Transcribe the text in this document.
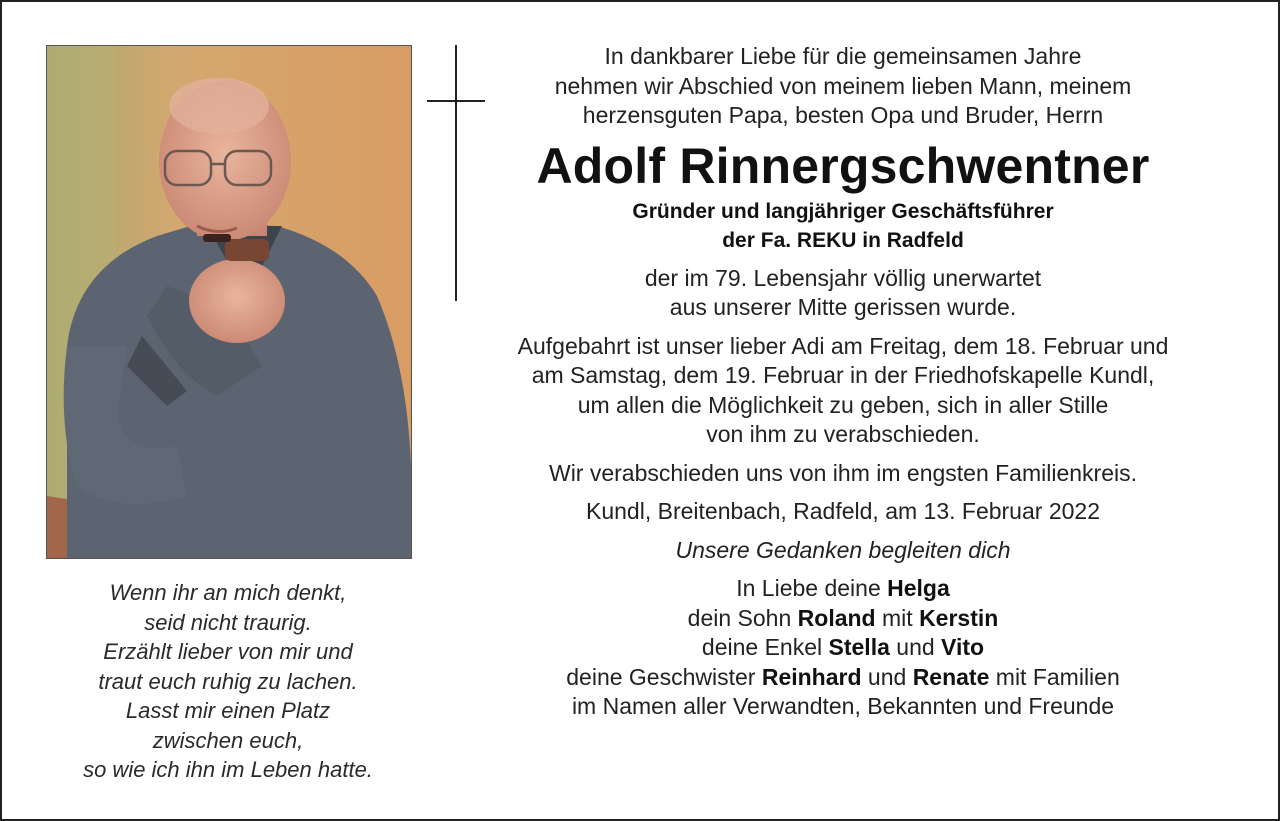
In dankbarer Liebe für die gemeinsamen Jahre
nehmen wir Abschied von meinem lieben Mann, meinem
herzensguten Papa, besten Opa und Bruder, Herrn
Adolf Rinnergschwentner
Gründer und langjähriger Geschäftsführer
der Fa. REKU in Radfeld
der im 79. Lebensjahr völlig unerwartet
aus unserer Mitte gerissen wurde.
Aufgebahrt ist unser lieber Adi am Freitag, dem 18. Februar und
am Samstag, dem 19. Februar in der Friedhofskapelle Kundl,
um allen die Möglichkeit zu geben, sich in aller Stille
von ihm zu verabschieden.
Wir verabschieden uns von ihm im engsten Familienkreis.
Kundl, Breitenbach, Radfeld, am 13. Februar 2022
Unsere Gedanken begleiten dich
In Liebe deine Helga
dein Sohn Roland mit Kerstin
deine Enkel Stella und Vito
deine Geschwister Reinhard und Renate mit Familien
im Namen aller Verwandten, Bekannten und Freunde
Wenn ihr an mich denkt,
seid nicht traurig.
Erzählt lieber von mir und
traut euch ruhig zu lachen.
Lasst mir einen Platz
zwischen euch,
so wie ich ihn im Leben hatte.
